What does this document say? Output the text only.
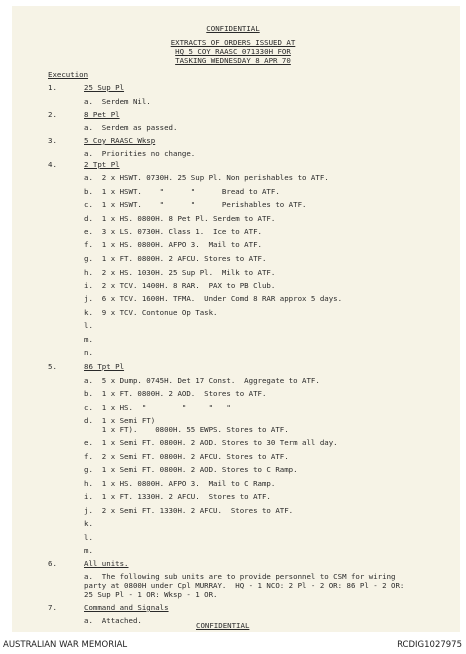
CONFIDENTIAL
EXTRACTS OF ORDERS ISSUED AT
HQ 5 COY RAASC 071330H FOR
TASKING WEDNESDAY 8 APR 70
Execution
1.	25 Sup Pl
a.  Serdem Nil.
2.	8 Pet Pl
a.  Serdem as passed.
3.	5 Coy RAASC Wksp
a.  Priorities no change.
4.	2 Tpt Pl
a.  2 x HSWT. 0730H. 25 Sup Pl. Non perishables to ATF.
b.  1 x HSWT.    "      "      Bread to ATF.
c.  1 x HSWT.    "      "      Perishables to ATF.
d.  1 x HS. 0800H. 8 Pet Pl. Serdem to ATF.
e.  3 x LS. 0730H. Class 1.  Ice to ATF.
f.  1 x HS. 0800H. AFPO 3.  Mail to ATF.
g.  1 x FT. 0800H. 2 AFCU. Stores to ATF.
h.  2 x HS. 1030H. 25 Sup Pl.  Milk to ATF.
i.  2 x TCV. 1400H. 8 RAR.  PAX to PB Club.
j.  6 x TCV. 1600H. TFMA.  Under Comd 8 RAR approx 5 days.
k.  9 x TCV. Contonue Op Task.
l.
m.
n.
5.	86 Tpt Pl
a.  5 x Dump. 0745H. Det 17 Const.  Aggregate to ATF.
b.  1 x FT. 0800H. 2 AOD.  Stores to ATF.
c.  1 x HS.  "        "     "   "
d.  1 x Semi FT)
1 x FT).    0800H. 55 EWPS. Stores to ATF.
e.  1 x Semi FT. 0800H. 2 AOD. Stores to 30 Term all day.
f.  2 x Semi FT. 0800H. 2 AFCU. Stores to ATF.
g.  1 x Semi FT. 0800H. 2 AOD. Stores to C Ramp.
h.  1 x HS. 0800H. AFPO 3.  Mail to C Ramp.
i.  1 x FT. 1330H. 2 AFCU.  Stores to ATF.
j.  2 x Semi FT. 1330H. 2 AFCU.  Stores to ATF.
k.
l.
m.
6.	All units.
a.  The following sub units are to provide personnel to CSM for wiring
party at 0800H under Cpl MURRAY.  HQ - 1 NCO: 2 Pl - 2 OR: 86 Pl - 2 OR:
25 Sup Pl - 1 OR: Wksp - 1 OR.
7.	Command and Signals
a.  Attached.
CONFIDENTIAL
AUSTRALIAN WAR MEMORIAL	RCDIG1027975
